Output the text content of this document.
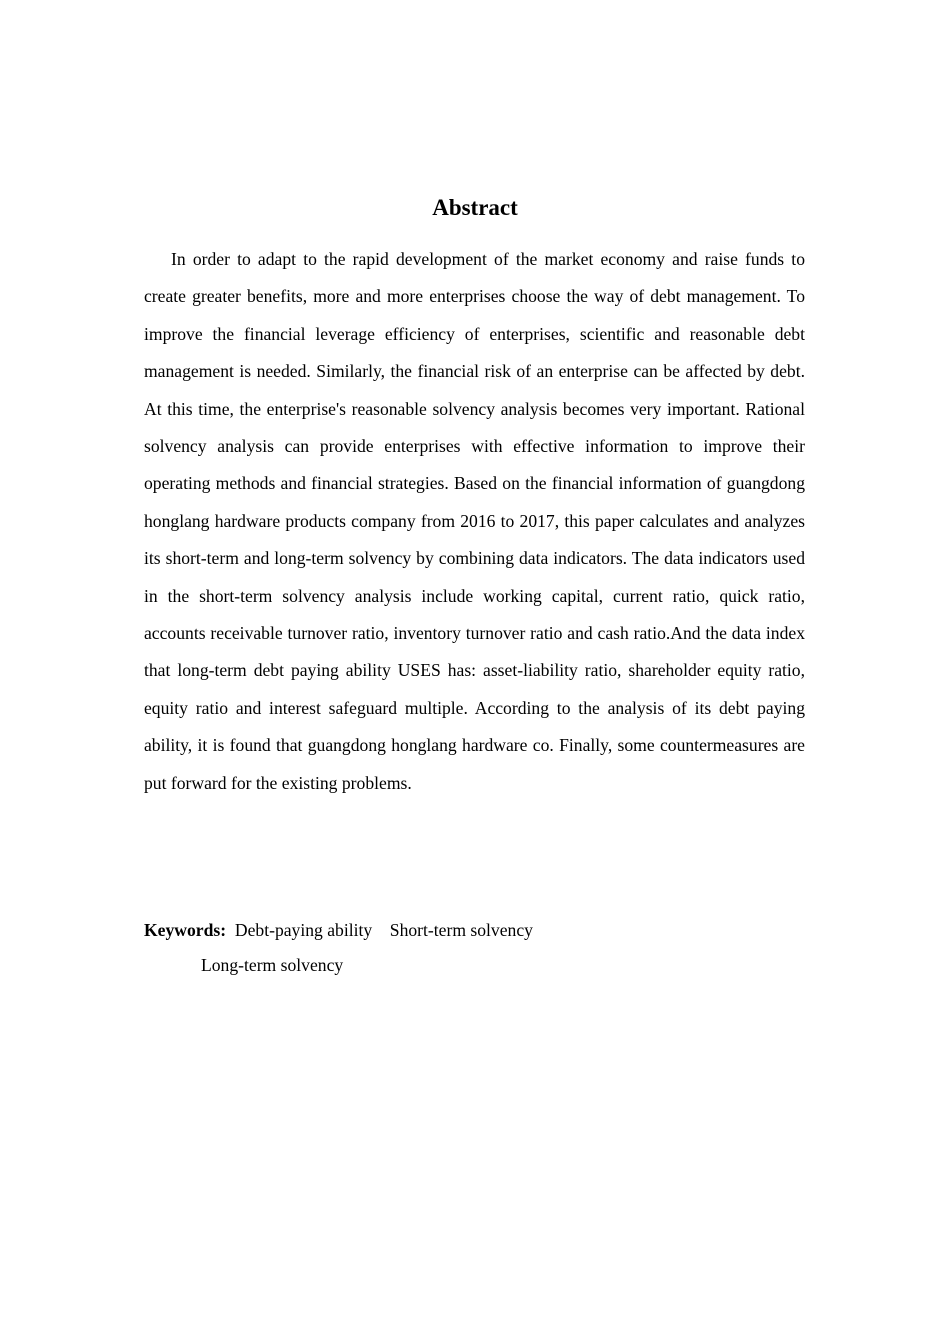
Abstract

In order to adapt to the rapid development of the market economy and raise funds to create greater benefits, more and more enterprises choose the way of debt management. To improve the financial leverage efficiency of enterprises, scientific and reasonable debt management is needed. Similarly, the financial risk of an enterprise can be affected by debt. At this time, the enterprise's reasonable solvency analysis becomes very important. Rational solvency analysis can provide enterprises with effective information to improve their operating methods and financial strategies. Based on the financial information of guangdong honglang hardware products company from 2016 to 2017, this paper calculates and analyzes its short-term and long-term solvency by combining data indicators. The data indicators used in the short-term solvency analysis include working capital, current ratio, quick ratio, accounts receivable turnover ratio, inventory turnover ratio and cash ratio.And the data index that long-term debt paying ability USES has: asset-liability ratio, shareholder equity ratio, equity ratio and interest safeguard multiple. According to the analysis of its debt paying ability, it is found that guangdong honglang hardware co. Finally, some countermeasures are put forward for the existing problems.

Keywords: Debt-paying ability Short-term solvency
Long-term solvency
